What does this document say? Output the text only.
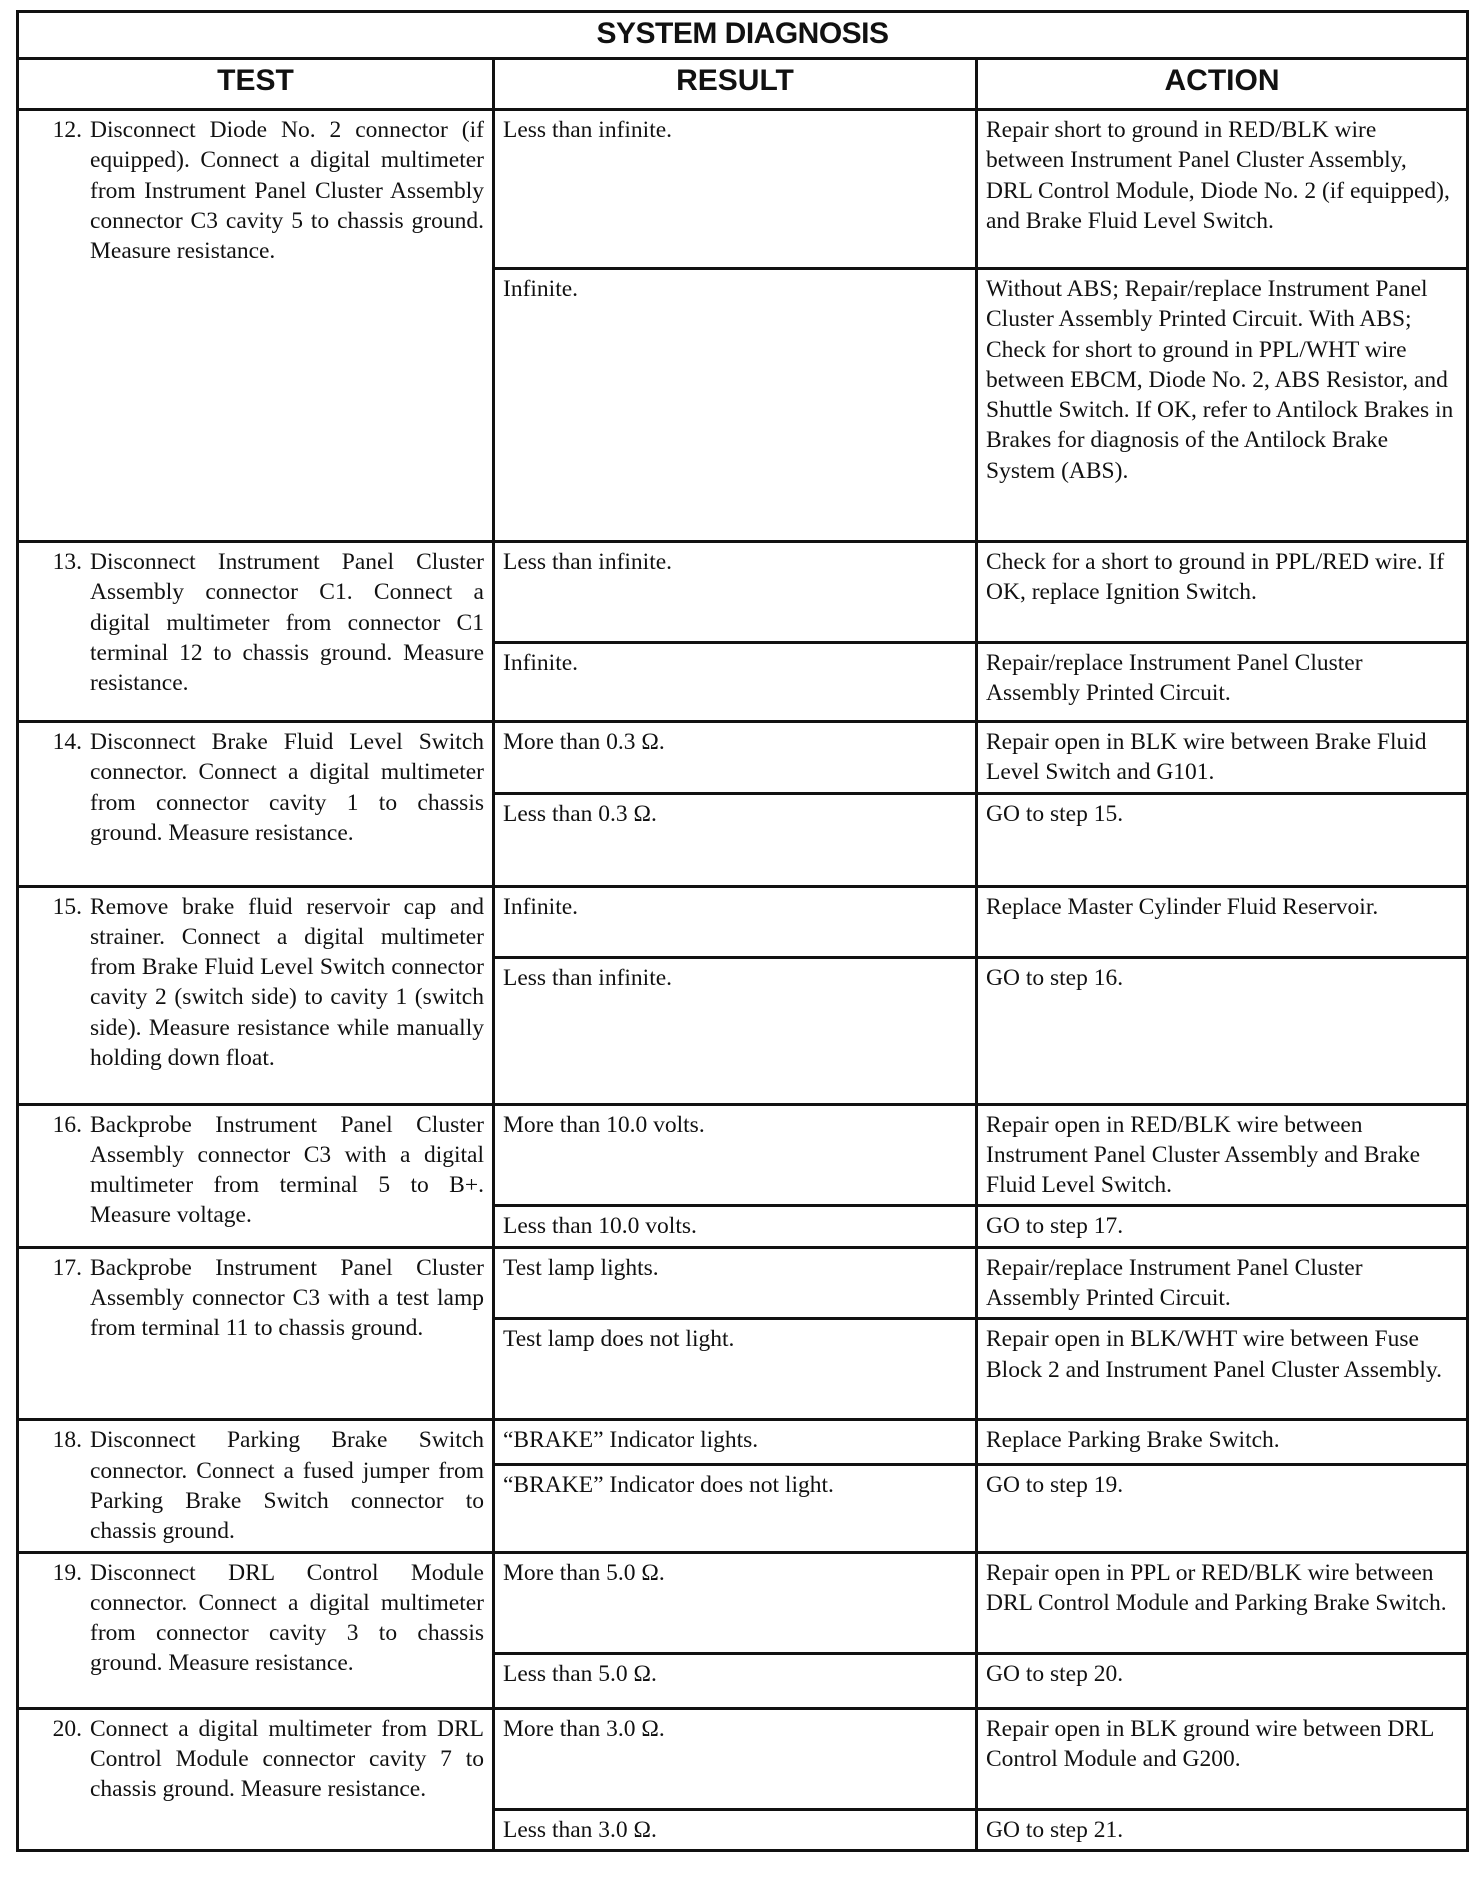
SYSTEM DIAGNOSIS		
TEST	RESULT	ACTION

12. Disconnect Diode No. 2 connector (if equipped). Connect a digital multimeter from Instrument Panel Cluster Assembly connector C3 cavity 5 to chassis ground. Measure resistance.	Less than infinite.	Repair short to ground in RED/BLK wire between Instrument Panel Cluster Assembly, DRL Control Module, Diode No. 2 (if equipped), and Brake Fluid Level Switch.
	Infinite.	Without ABS; Repair/replace Instrument Panel Cluster Assembly Printed Circuit. With ABS; Check for short to ground in PPL/WHT wire between EBCM, Diode No. 2, ABS Resistor, and Shuttle Switch. If OK, refer to Antilock Brakes in Brakes for diagnosis of the Antilock Brake System (ABS).

13. Disconnect Instrument Panel Cluster Assembly connector C1. Connect a digital multimeter from connector C1 terminal 12 to chassis ground. Measure resistance.	Less than infinite.	Check for a short to ground in PPL/RED wire. If OK, replace Ignition Switch.
	Infinite.	Repair/replace Instrument Panel Cluster Assembly Printed Circuit.

14. Disconnect Brake Fluid Level Switch connector. Connect a digital multimeter from connector cavity 1 to chassis ground. Measure resistance.	More than 0.3 Ω.	Repair open in BLK wire between Brake Fluid Level Switch and G101.
	Less than 0.3 Ω.	GO to step 15.

15. Remove brake fluid reservoir cap and strainer. Connect a digital multimeter from Brake Fluid Level Switch connector cavity 2 (switch side) to cavity 1 (switch side). Measure resistance while manually holding down float.	Infinite.	Replace Master Cylinder Fluid Reservoir.
	Less than infinite.	GO to step 16.

16. Backprobe Instrument Panel Cluster Assembly connector C3 with a digital multimeter from terminal 5 to B+. Measure voltage.	More than 10.0 volts.	Repair open in RED/BLK wire between Instrument Panel Cluster Assembly and Brake Fluid Level Switch.
	Less than 10.0 volts.	GO to step 17.

17. Backprobe Instrument Panel Cluster Assembly connector C3 with a test lamp from terminal 11 to chassis ground.	Test lamp lights.	Repair/replace Instrument Panel Cluster Assembly Printed Circuit.
	Test lamp does not light.	Repair open in BLK/WHT wire between Fuse Block 2 and Instrument Panel Cluster Assembly.

18. Disconnect Parking Brake Switch connector. Connect a fused jumper from Parking Brake Switch connector to chassis ground.	“BRAKE” Indicator lights.	Replace Parking Brake Switch.
	“BRAKE” Indicator does not light.	GO to step 19.

19. Disconnect DRL Control Module connector. Connect a digital multimeter from connector cavity 3 to chassis ground. Measure resistance.	More than 5.0 Ω.	Repair open in PPL or RED/BLK wire between DRL Control Module and Parking Brake Switch.
	Less than 5.0 Ω.	GO to step 20.

20. Connect a digital multimeter from DRL Control Module connector cavity 7 to chassis ground. Measure resistance.	More than 3.0 Ω.	Repair open in BLK ground wire between DRL Control Module and G200.
	Less than 3.0 Ω.	GO to step 21.
